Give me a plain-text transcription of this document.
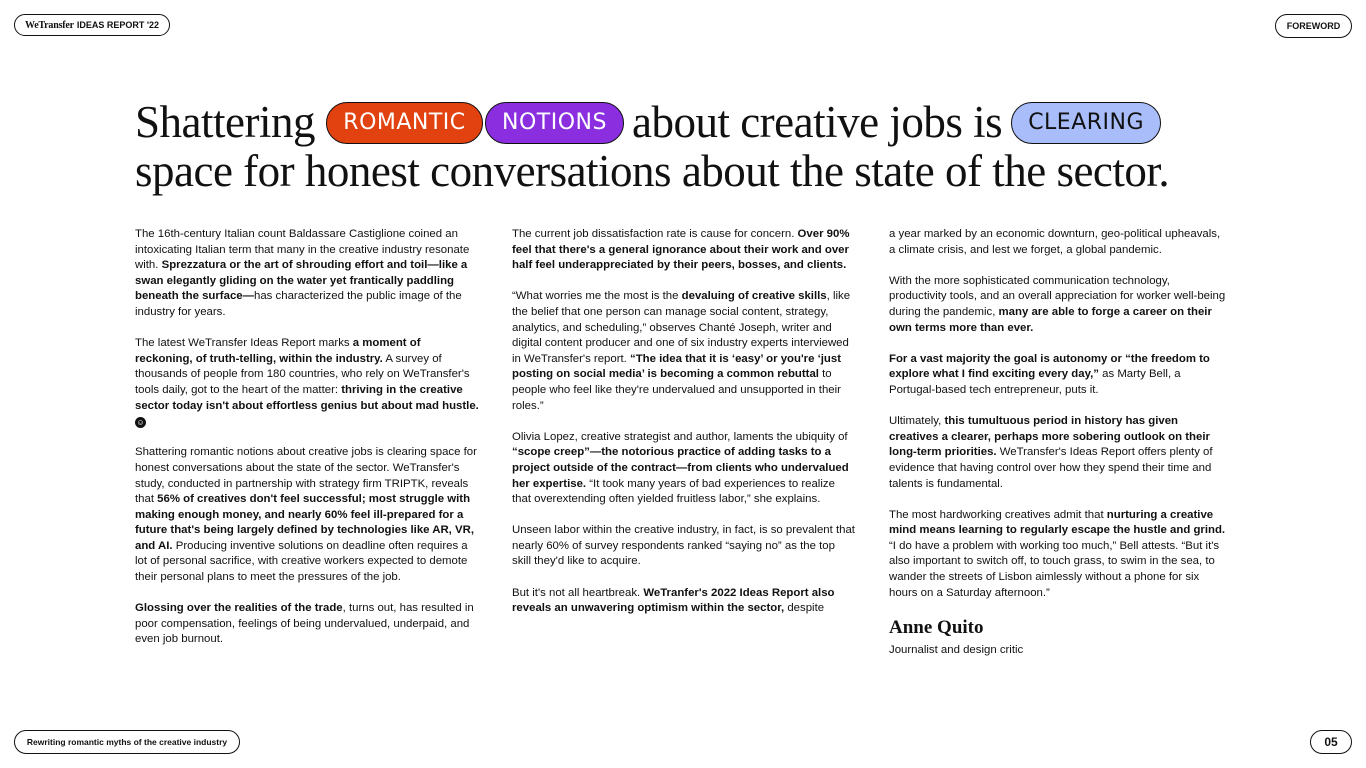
WeTransfer IDEAS REPORT '22	FOREWORD
Shattering	ROMANTIC	NOTIONS about creative jobs is	CLEARING
space for honest conversations about the state of the sector.

The 16th-century Italian count Baldassare Castiglione coined an intoxicating Italian term that many in the creative industry resonate with. Sprezzatura or the art of shrouding effort and toil—like a swan elegantly gliding on the water yet frantically paddling beneath the surface—has characterized the public image of the industry for years.

The latest WeTransfer Ideas Report marks a moment of reckoning, of truth-telling, within the industry. A survey of thousands of people from 180 countries, who rely on WeTransfer's tools daily, got to the heart of the matter: thriving in the creative sector today isn't about effortless genius but about mad hustle. ☺

Shattering romantic notions about creative jobs is clearing space for honest conversations about the state of the sector. WeTransfer's study, conducted in partnership with strategy firm TRIPTK, reveals that 56% of creatives don't feel successful; most struggle with making enough money, and nearly 60% feel ill-prepared for a future that's being largely defined by technologies like AR, VR, and AI. Producing inventive solutions on deadline often requires a lot of personal sacrifice, with creative workers expected to demote their personal plans to meet the pressures of the job.

Glossing over the realities of the trade, turns out, has resulted in poor compensation, feelings of being undervalued, underpaid, and even job burnout.

The current job dissatisfaction rate is cause for concern. Over 90% feel that there's a general ignorance about their work and over half feel underappreciated by their peers, bosses, and clients.

“What worries me the most is the devaluing of creative skills, like the belief that one person can manage social content, strategy, analytics, and scheduling,” observes Chanté Joseph, writer and digital content producer and one of six industry experts interviewed in WeTransfer's report. “The idea that it is ‘easy’ or you're ‘just posting on social media’ is becoming a common rebuttal to people who feel like they're undervalued and unsupported in their roles.”

Olivia Lopez, creative strategist and author, laments the ubiquity of “scope creep”—the notorious practice of adding tasks to a project outside of the contract—from clients who undervalued her expertise. “It took many years of bad experiences to realize that overextending often yielded fruitless labor,” she explains.

Unseen labor within the creative industry, in fact, is so prevalent that nearly 60% of survey respondents ranked “saying no” as the top skill they'd like to acquire.

But it's not all heartbreak. WeTranfer's 2022 Ideas Report also reveals an unwavering optimism within the sector, despite

a year marked by an economic downturn, geo-political upheavals, a climate crisis, and lest we forget, a global pandemic.

With the more sophisticated communication technology, productivity tools, and an overall appreciation for worker well-being during the pandemic, many are able to forge a career on their own terms more than ever.

For a vast majority the goal is autonomy or “the freedom to explore what I find exciting every day,” as Marty Bell, a Portugal-based tech entrepreneur, puts it.

Ultimately, this tumultuous period in history has given creatives a clearer, perhaps more sobering outlook on their long-term priorities. WeTransfer's Ideas Report offers plenty of evidence that having control over how they spend their time and talents is fundamental.

The most hardworking creatives admit that nurturing a creative mind means learning to regularly escape the hustle and grind. “I do have a problem with working too much,” Bell attests. “But it's also important to switch off, to touch grass, to swim in the sea, to wander the streets of Lisbon aimlessly without a phone for six hours on a Saturday afternoon.”

Anne Quito
Journalist and design critic
Rewriting romantic myths of the creative industry	05
